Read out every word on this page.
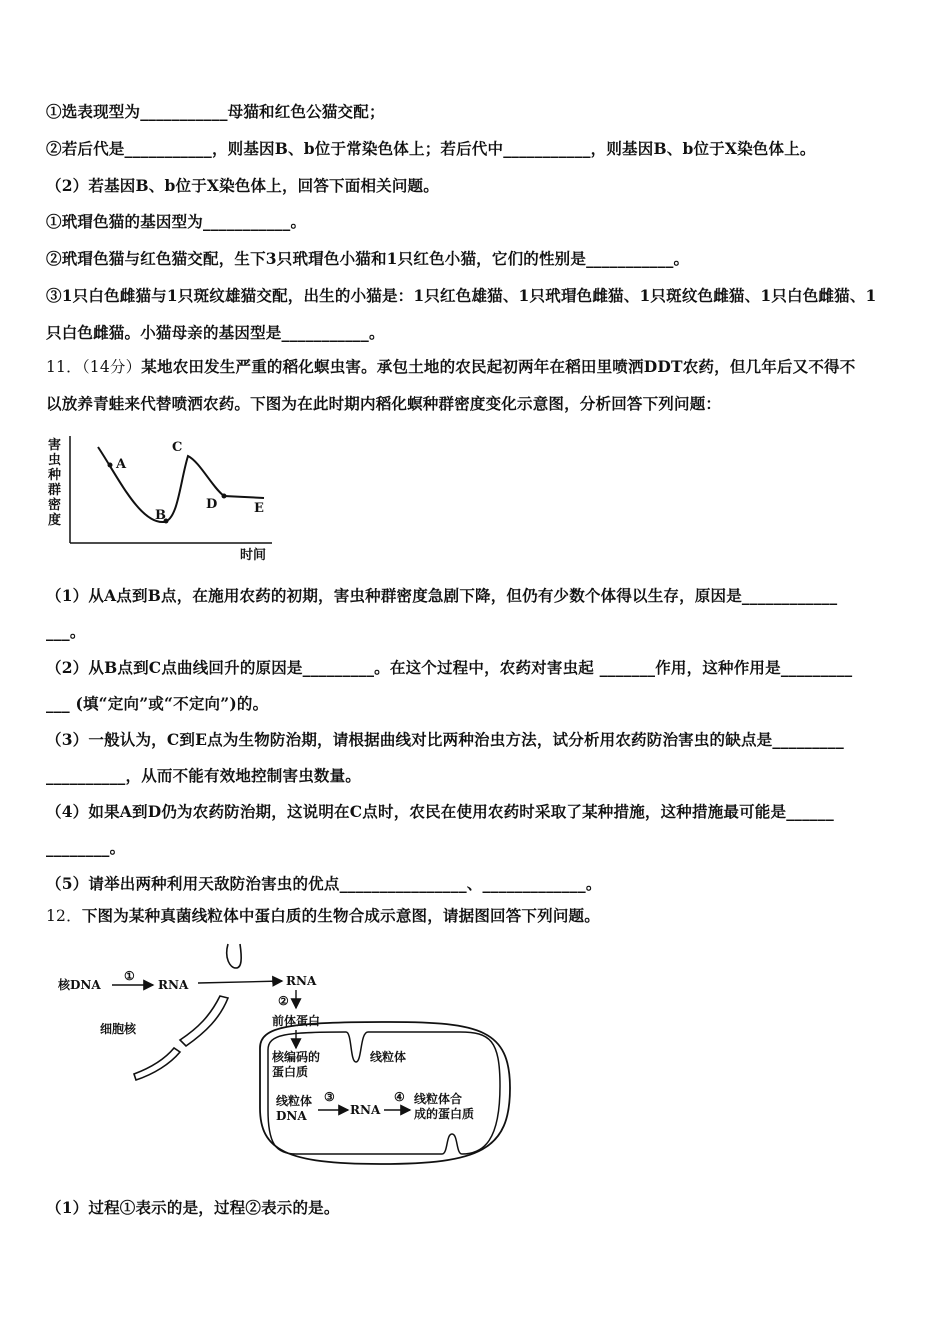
①选表现型为___________母猫和红色公猫交配；
②若后代是___________，则基因B、b位于常染色体上；若后代中___________，则基因B、b位于X染色体上。
（2）若基因B、b位于X染色体上，回答下面相关问题。
①玳瑁色猫的基因型为___________。
②玳瑁色猫与红色猫交配，生下3只玳瑁色小猫和1只红色小猫，它们的性别是___________。
③1只白色雌猫与1只斑纹雄猫交配，出生的小猫是：1只红色雄猫、1只玳瑁色雌猫、1只斑纹色雌猫、1只白色雌猫、1
只白色雌猫。小猫母亲的基因型是___________。
11．（14分）某地农田发生严重的稻化螟虫害。承包土地的农民起初两年在稻田里喷洒DDT农药，但几年后又不得不
以放养青蛙来代替喷洒农药。下图为在此时期内稻化螟种群密度变化示意图，分析回答下列问题：
害
虫
种
群
密
度
A
B
C
D	E
时间
（1）从A点到B点，在施用农药的初期，害虫种群密度急剧下降，但仍有少数个体得以生存，原因是____________
___。
（2）从B点到C点曲线回升的原因是_________。在这个过程中，农药对害虫起 _______作用，这种作用是_________
___ (填“定向”或“不定向”)的。
（3）一般认为，C到E点为生物防治期，请根据曲线对比两种治虫方法，试分析用农药防治害虫的缺点是_________
__________，从而不能有效地控制害虫数量。
（4）如果A到D仍为农药防治期，这说明在C点时，农民在使用农药时采取了某种措施，这种措施最可能是______
________。
（5）请举出两种利用天敌防治害虫的优点________________、_____________。
12．下图为某种真菌线粒体中蛋白质的生物合成示意图，请据图回答下列问题。
核DNA
①
RNA	RNA
②
前体蛋白
细胞核
核编码的
蛋白质
线粒体
线粒体
DNA
③
RNA
④ 线粒体合
成的蛋白质
（1）过程①表示的是，过程②表示的是。
